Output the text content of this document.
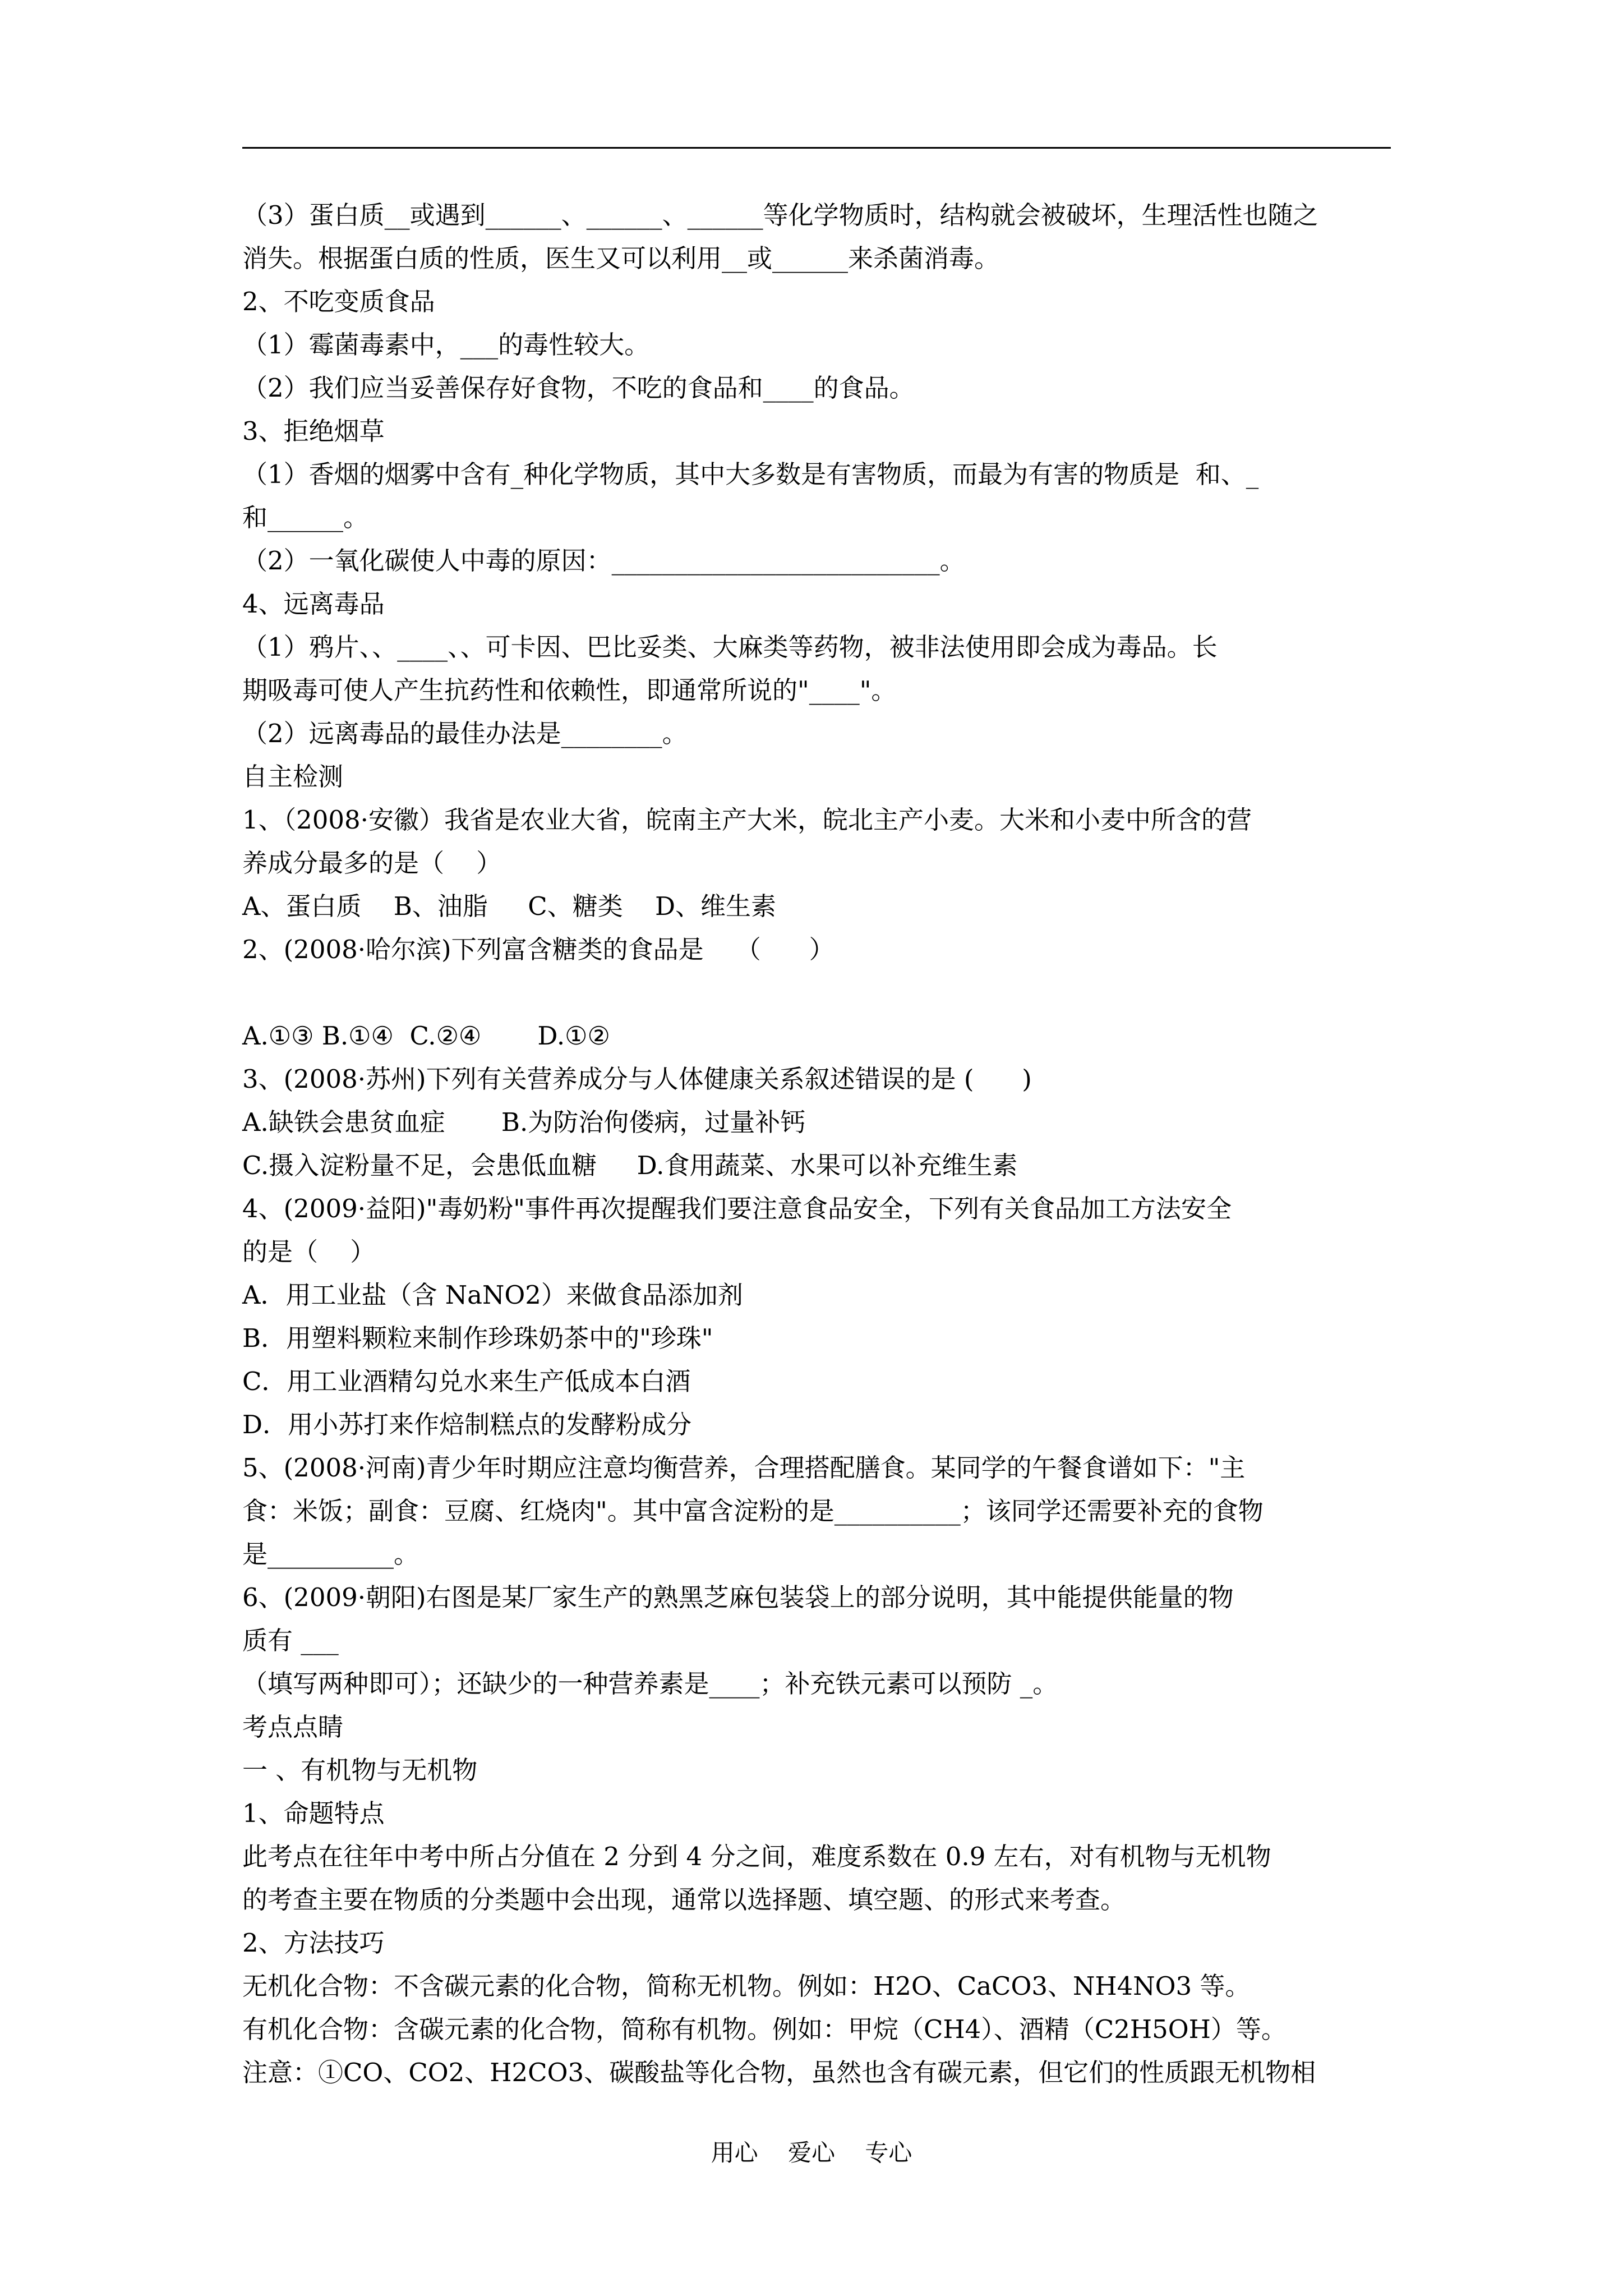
（3）蛋白质__或遇到______、______、______等化学物质时，结构就会被破坏，生理活性也随之
消失。根据蛋白质的性质，医生又可以利用__或______来杀菌消毒。
2、不吃变质食品
（1）霉菌毒素中，___的毒性较大。
（2）我们应当妥善保存好食物，不吃的食品和____的食品。
3、拒绝烟草
（1）香烟的烟雾中含有_种化学物质，其中大多数是有害物质，而最为有害的物质是  和、_
和______。
（2）一氧化碳使人中毒的原因：__________________________。
4、远离毒品
（1）鸦片、、____、、可卡因、巴比妥类、大麻类等药物，被非法使用即会成为毒品。长
期吸毒可使人产生抗药性和依赖性，即通常所说的"____"。
（2）远离毒品的最佳办法是________。
自主检测
1、（2008·安徽）我省是农业大省，皖南主产大米，皖北主产小麦。大米和小麦中所含的营
养成分最多的是（    ）
A、蛋白质    B、油脂     C、糖类    D、维生素
2、(2008·哈尔滨)下列富含糖类的食品是    （      ）
A.①③ B.①④  C.②④       D.①②
3、(2008·苏州)下列有关营养成分与人体健康关系叙述错误的是 (      )
A.缺铁会患贫血症       B.为防治佝偻病，过量补钙
C.摄入淀粉量不足，会患低血糖     D.食用蔬菜、水果可以补充维生素
4、(2009·益阳)"毒奶粉"事件再次提醒我们要注意食品安全，下列有关食品加工方法安全
的是（    ）
A．用工业盐（含 NaNO2）来做食品添加剂
B．用塑料颗粒来制作珍珠奶茶中的"珍珠"
C．用工业酒精勾兑水来生产低成本白酒
D．用小苏打来作焙制糕点的发酵粉成分
5、(2008·河南)青少年时期应注意均衡营养，合理搭配膳食。某同学的午餐食谱如下："主
食：米饭；副食：豆腐、红烧肉"。其中富含淀粉的是__________；该同学还需要补充的食物
是__________。
6、(2009·朝阳)右图是某厂家生产的熟黑芝麻包装袋上的部分说明，其中能提供能量的物
质有 ___
（填写两种即可）；还缺少的一种营养素是____；补充铁元素可以预防 _。
考点点睛
一 、有机物与无机物
1、命题特点
此考点在往年中考中所占分值在 2 分到 4 分之间，难度系数在 0.9 左右，对有机物与无机物
的考查主要在物质的分类题中会出现，通常以选择题、填空题、的形式来考查。
2、方法技巧
无机化合物：不含碳元素的化合物，简称无机物。例如：H2O、CaCO3、NH4NO3 等。
有机化合物：含碳元素的化合物，简称有机物。例如：甲烷（CH4）、酒精（C2H5OH）等。
注意：①CO、CO2、H2CO3、碳酸盐等化合物，虽然也含有碳元素，但它们的性质跟无机物相
用心    爱心    专心
